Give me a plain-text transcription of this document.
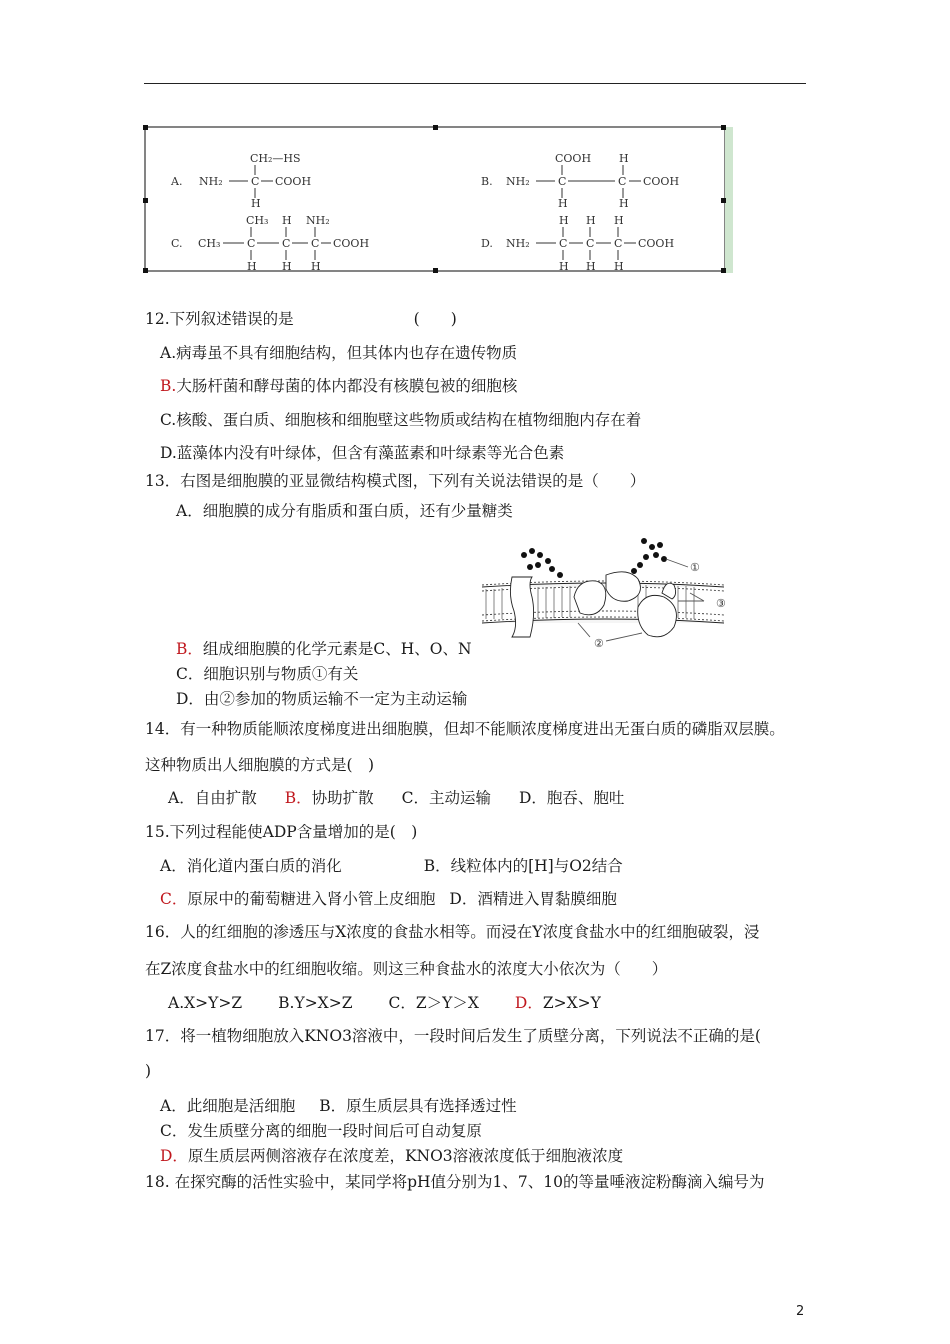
A.
CH₂—HS
NH₂	C COOH
H
B.
COOH	H
NH₂	C	C COOH
H	H
C. CH₃
CH₃ H NH₂
C C C COOH
H H H
D. NH₂
H H H
C C C COOH
H H H
12.下列叙述错误的是	(　　)
A.病毒虽不具有细胞结构，但其体内也存在遗传物质
B.大肠杆菌和酵母菌的体内都没有核膜包被的细胞核
C.核酸、蛋白质、细胞核和细胞壁这些物质或结构在植物细胞内存在着
D.蓝藻体内没有叶绿体，但含有藻蓝素和叶绿素等光合色素
13．右图是细胞膜的亚显微结构模式图，下列有关说法错误的是（　　）
A．细胞膜的成分有脂质和蛋白质，还有少量糖类
①
③
②
B．组成细胞膜的化学元素是C、H、O、N
C．细胞识别与物质①有关
D．由②参加的物质运输不一定为主动运输
14．有一种物质能顺浓度梯度进出细胞膜，但却不能顺浓度梯度进出无蛋白质的磷脂双层膜。
这种物质出人细胞膜的方式是(　)
A．自由扩散 B．协助扩散 C．主动运输 D．胞吞、胞吐
15.下列过程能使ADP含量增加的是(　)
A．消化道内蛋白质的消化	B．线粒体内的[H]与O2结合
C．原尿中的葡萄糖进入肾小管上皮细胞 D．酒精进入胃黏膜细胞
16．人的红细胞的渗透压与X浓度的食盐水相等。而浸在Y浓度食盐水中的红细胞破裂，浸
在Z浓度食盐水中的红细胞收缩。则这三种食盐水的浓度大小依次为（　　）
A.X>Y>Z B.Y>X>Z C．Z＞Y＞X D．Z>X>Y
17．将一植物细胞放入KNO3溶液中，一段时间后发生了质壁分离，下列说法不正确的是(
)
A．此细胞是活细胞 B．原生质层具有选择透过性
C．发生质壁分离的细胞一段时间后可自动复原
D．原生质层两侧溶液存在浓度差，KNO3溶液浓度低于细胞液浓度
18. 在探究酶的活性实验中，某同学将pH值分别为1、7、10的等量唾液淀粉酶滴入编号为
2
